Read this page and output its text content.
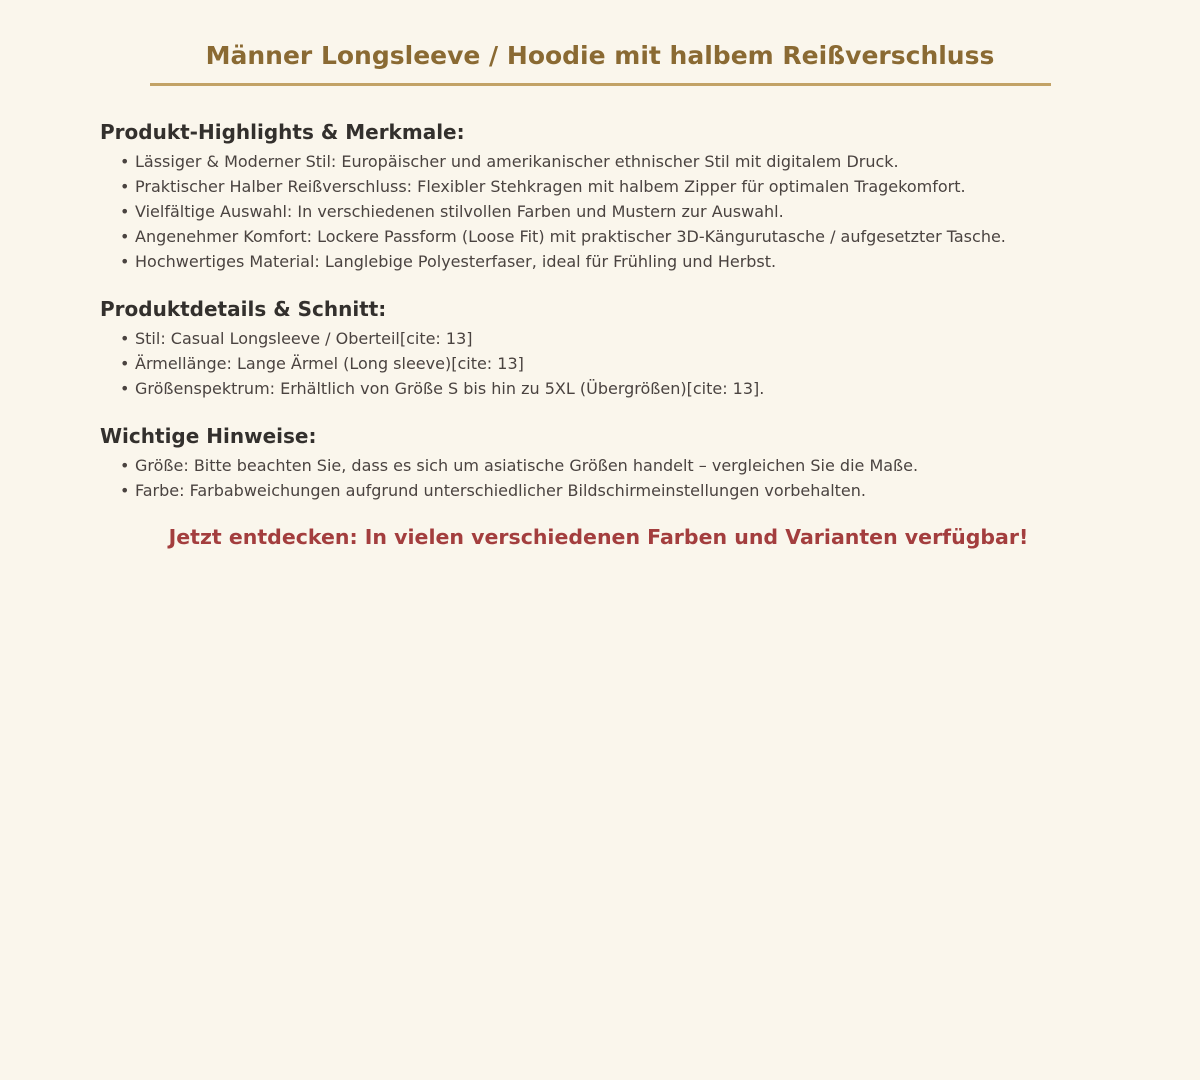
Männer Longsleeve / Hoodie mit halbem Reißverschluss
Produkt-Highlights & Merkmale:
• Lässiger & Moderner Stil: Europäischer und amerikanischer ethnischer Stil mit digitalem Druck.
• Praktischer Halber Reißverschluss: Flexibler Stehkragen mit halbem Zipper für optimalen Tragekomfort.
• Vielfältige Auswahl: In verschiedenen stilvollen Farben und Mustern zur Auswahl.
• Angenehmer Komfort: Lockere Passform (Loose Fit) mit praktischer 3D-Kängurutasche / aufgesetzter Tasche.
• Hochwertiges Material: Langlebige Polyesterfaser, ideal für Frühling und Herbst.
Produktdetails & Schnitt:
• Stil: Casual Longsleeve / Oberteil[cite: 13]
• Ärmellänge: Lange Ärmel (Long sleeve)[cite: 13]
• Größenspektrum: Erhältlich von Größe S bis hin zu 5XL (Übergrößen)[cite: 13].
Wichtige Hinweise:
• Größe: Bitte beachten Sie, dass es sich um asiatische Größen handelt – vergleichen Sie die Maße.
• Farbe: Farbabweichungen aufgrund unterschiedlicher Bildschirmeinstellungen vorbehalten.

Jetzt entdecken: In vielen verschiedenen Farben und Varianten verfügbar!
